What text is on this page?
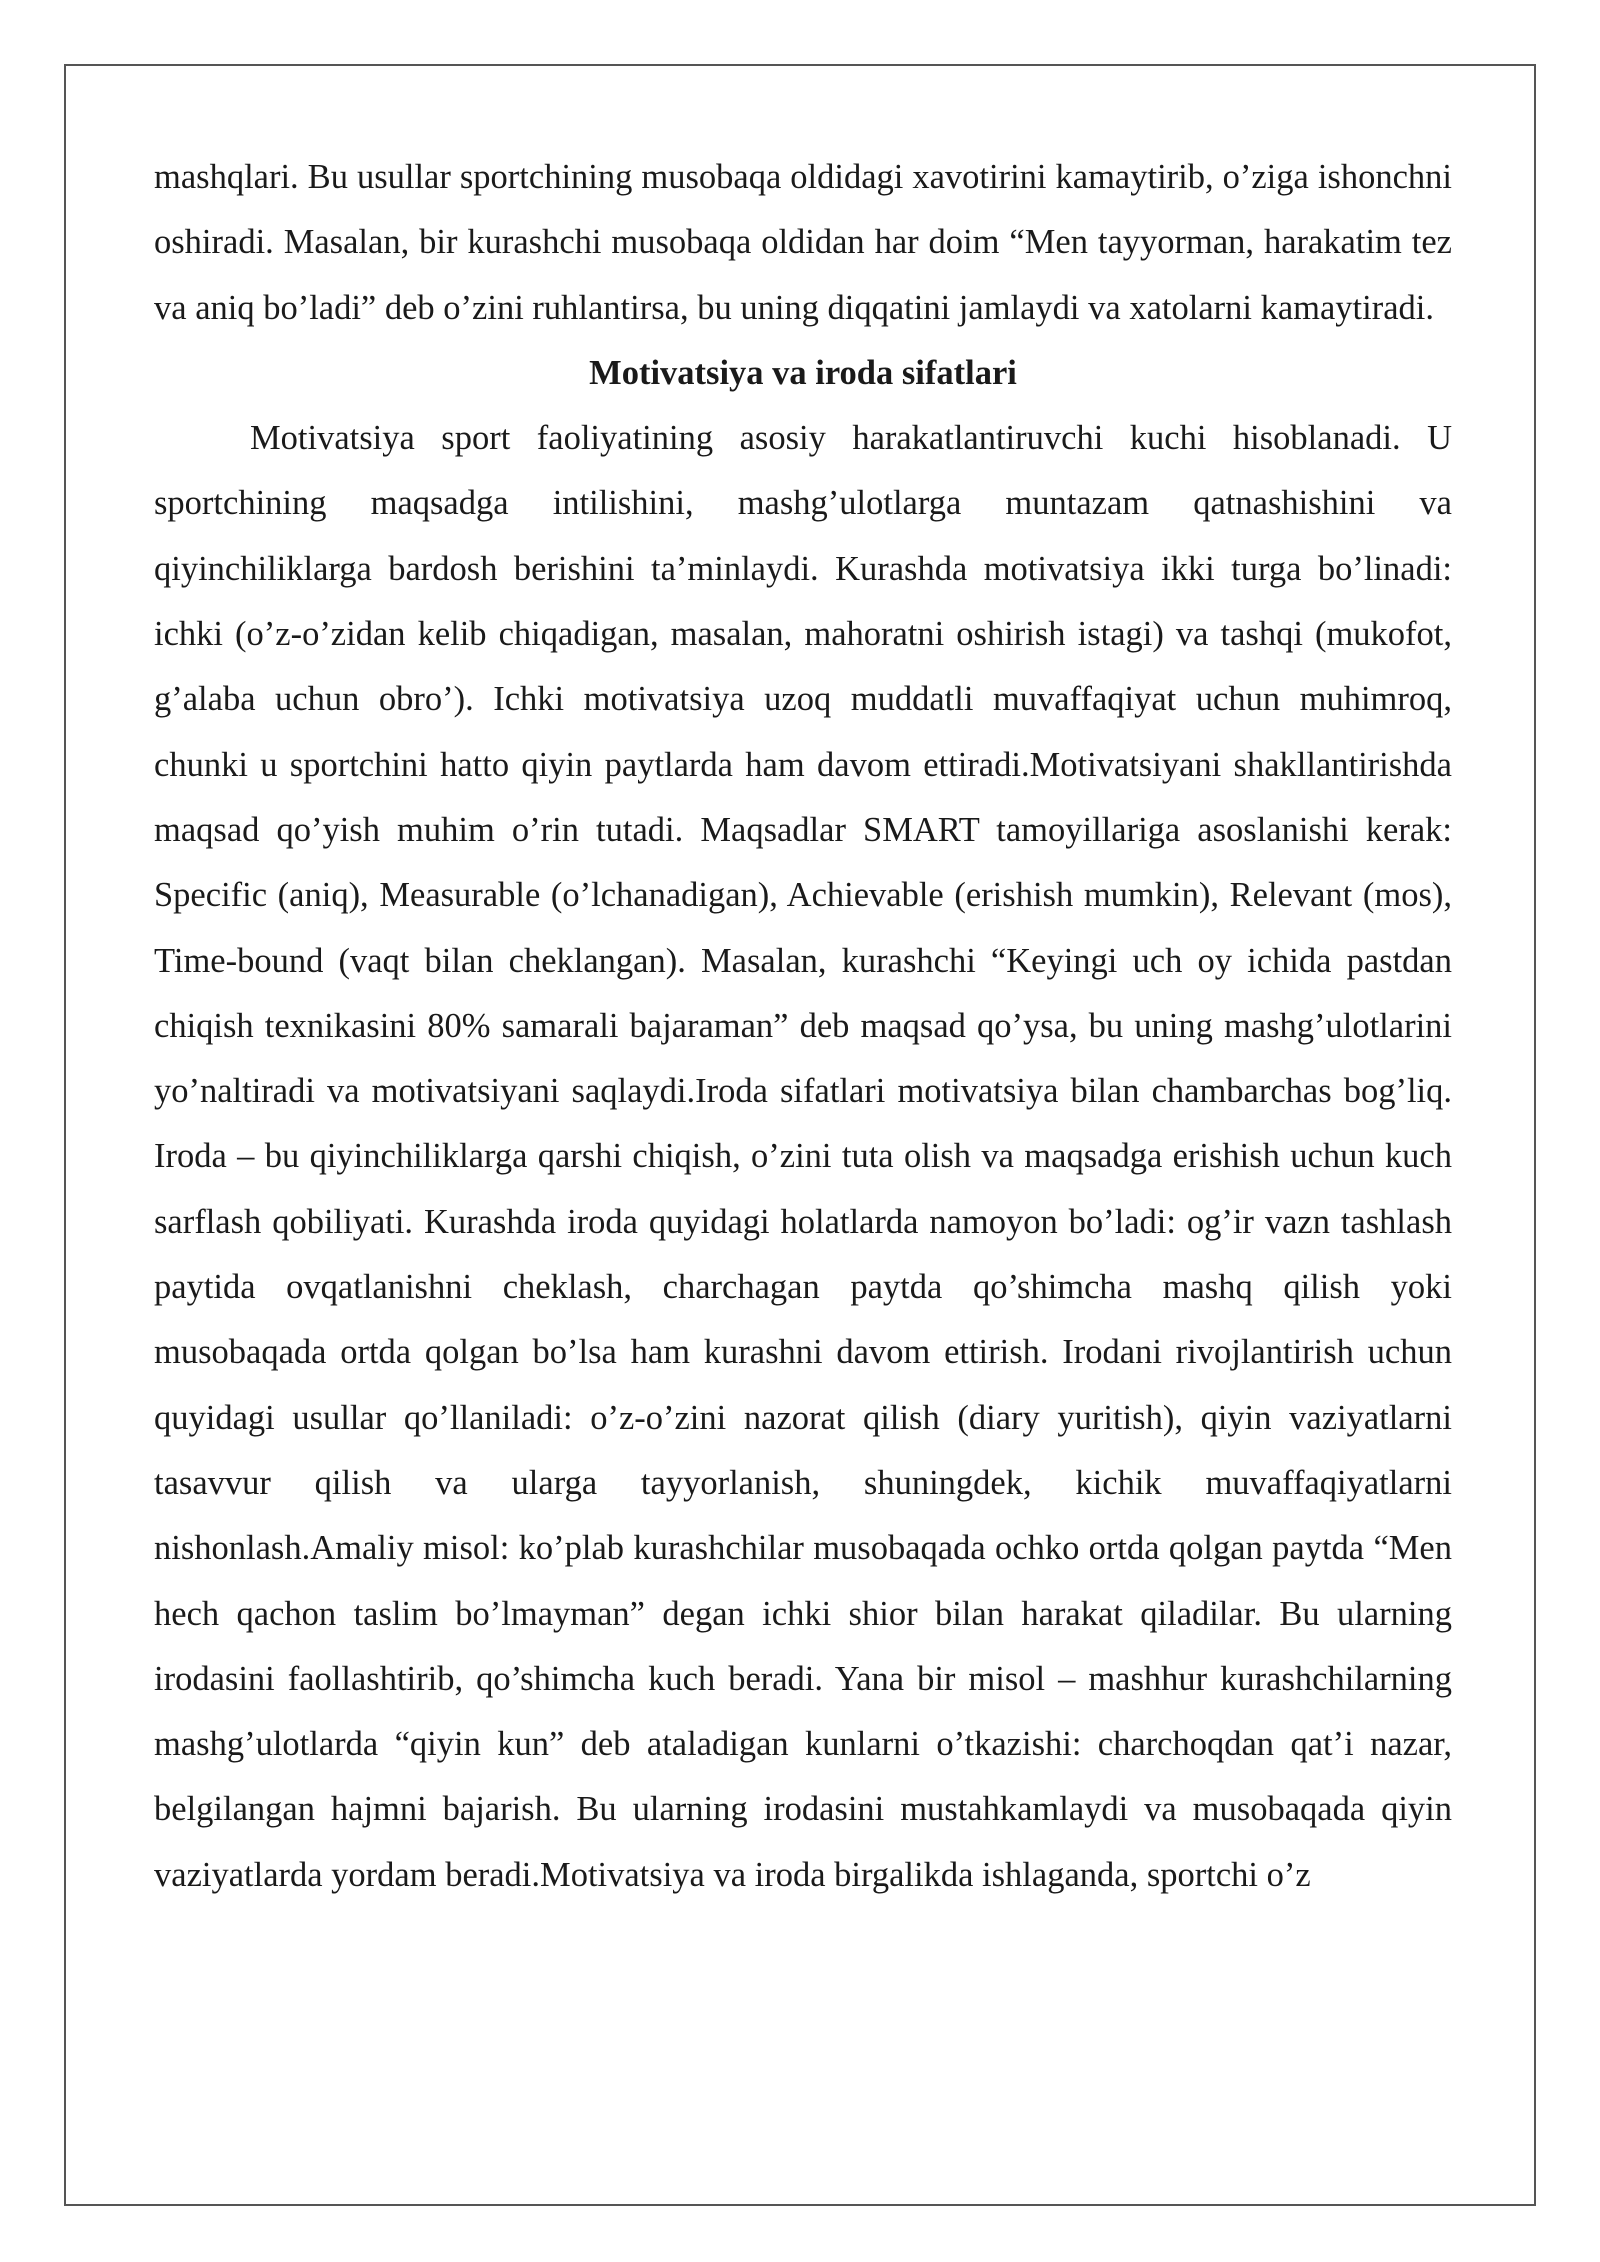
mashqlari. Bu usullar sportchining musobaqa oldidagi xavotirini kamaytirib, o’ziga ishonchni oshiradi. Masalan, bir kurashchi musobaqa oldidan har doim “Men tayyorman, harakatim tez va aniq bo’ladi” deb o’zini ruhlantirsa, bu uning diqqatini jamlaydi va xatolarni kamaytiradi.

Motivatsiya va iroda sifatlari

Motivatsiya sport faoliyatining asosiy harakatlantiruvchi kuchi hisoblanadi. U sportchining maqsadga intilishini, mashg’ulotlarga muntazam qatnashishini va qiyinchiliklarga bardosh berishini ta’minlaydi. Kurashda motivatsiya ikki turga bo’linadi: ichki (o’z-o’zidan kelib chiqadigan, masalan, mahoratni oshirish istagi) va tashqi (mukofot, g’alaba uchun obro’). Ichki motivatsiya uzoq muddatli muvaffaqiyat uchun muhimroq, chunki u sportchini hatto qiyin paytlarda ham davom ettiradi.Motivatsiyani shakllantirishda maqsad qo’yish muhim o’rin tutadi. Maqsadlar SMART tamoyillariga asoslanishi kerak: Specific (aniq), Measurable (o’lchanadigan), Achievable (erishish mumkin), Relevant (mos), Time-bound (vaqt bilan cheklangan). Masalan, kurashchi “Keyingi uch oy ichida pastdan chiqish texnikasini 80% samarali bajaraman” deb maqsad qo’ysa, bu uning mashg’ulotlarini yo’naltiradi va motivatsiyani saqlaydi.Iroda sifatlari motivatsiya bilan chambarchas bog’liq. Iroda – bu qiyinchiliklarga qarshi chiqish, o’zini tuta olish va maqsadga erishish uchun kuch sarflash qobiliyati. Kurashda iroda quyidagi holatlarda namoyon bo’ladi: og’ir vazn tashlash paytida ovqatlanishni cheklash, charchagan paytda qo’shimcha mashq qilish yoki musobaqada ortda qolgan bo’lsa ham kurashni davom ettirish. Irodani rivojlantirish uchun quyidagi usullar qo’llaniladi: o’z-o’zini nazorat qilish (diary yuritish), qiyin vaziyatlarni tasavvur qilish va ularga tayyorlanish, shuningdek, kichik muvaffaqiyatlarni nishonlash.Amaliy misol: ko’plab kurashchilar musobaqada ochko ortda qolgan paytda “Men hech qachon taslim bo’lmayman” degan ichki shior bilan harakat qiladilar. Bu ularning irodasini faollashtirib, qo’shimcha kuch beradi. Yana bir misol – mashhur kurashchilarning mashg’ulotlarda “qiyin kun” deb ataladigan kunlarni o’tkazishi: charchoqdan qat’i nazar, belgilangan hajmni bajarish. Bu ularning irodasini mustahkamlaydi va musobaqada qiyin vaziyatlarda yordam beradi.Motivatsiya va iroda birgalikda ishlaganda, sportchi o’z
